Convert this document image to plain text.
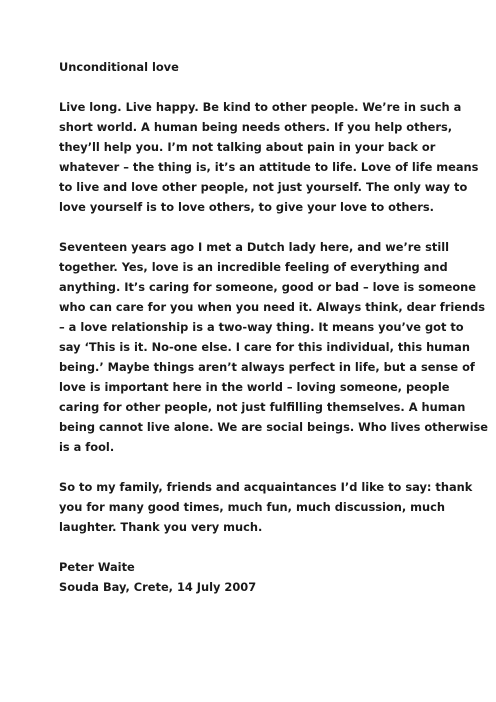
Unconditional love
Live long. Live happy. Be kind to other people. We’re in such a
short world. A human being needs others. If you help others,
they’ll help you. I’m not talking about pain in your back or
whatever – the thing is, it’s an attitude to life. Love of life means
to live and love other people, not just yourself. The only way to
love yourself is to love others, to give your love to others.
Seventeen years ago I met a Dutch lady here, and we’re still
together. Yes, love is an incredible feeling of everything and
anything. It’s caring for someone, good or bad – love is someone
who can care for you when you need it. Always think, dear friends
– a love relationship is a two-way thing. It means you’ve got to
say ‘This is it. No-one else. I care for this individual, this human
being.’ Maybe things aren’t always perfect in life, but a sense of
love is important here in the world – loving someone, people
caring for other people, not just fulfilling themselves. A human
being cannot live alone. We are social beings. Who lives otherwise
is a fool.
So to my family, friends and acquaintances I’d like to say: thank
you for many good times, much fun, much discussion, much
laughter. Thank you very much.
Peter Waite
Souda Bay, Crete, 14 July 2007
